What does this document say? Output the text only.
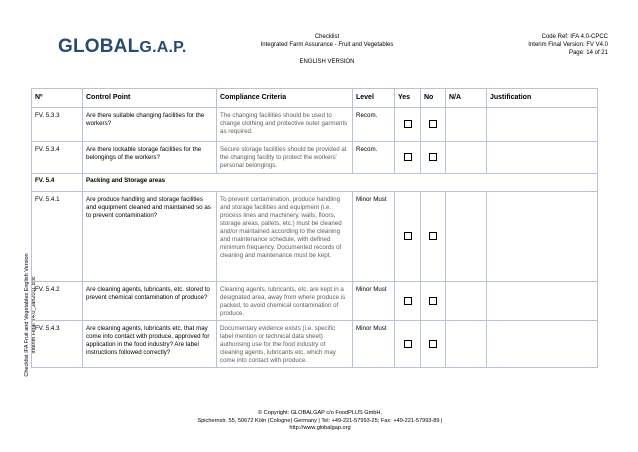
GLOBALG.A.P.
Checklist
Integrated Farm Assurance - Fruit and Vegetables
ENGLISH VERSION
Code Ref: IFA 4.0-CPCC
Interim Final Version: FV V4.0
Page: 14 of 21
Checklist IFA Fruit and Vegetables English Version Interim Final V4.0_Jan2011.doc
Nº	Control Point	Compliance Criteria	Level	Yes	No	N/A	Justification
FV. 5.3.3	Are there suitable changing facilities for the workers?	The changing facilities should be used to change clothing and protective outer garments as required.	Recom.				
FV. 5.3.4	Are there lockable storage facilities for the belongings of the workers?	Secure storage facilities should be provided at the changing facility to protect the workers' personal belongings.	Recom.				
FV. 5.4	Packing and Storage areas						
FV. 5.4.1	Are produce handling and storage facilities and equipment cleaned and maintained so as to prevent contamination?	To prevent contamination, produce handling and storage facilities and equipment (i.e. process lines and machinery, walls, floors, storage areas, pallets, etc.) must be cleaned and/or maintained according to the cleaning and maintenance schedule, with defined minimum frequency. Documented records of cleaning and maintenance must be kept.	Minor Must				
FV. 5.4.2	Are cleaning agents, lubricants, etc. stored to prevent chemical contamination of produce?	Cleaning agents, lubricants, etc. are kept in a designated area, away from where produce is packed, to avoid chemical contamination of produce.	Minor Must				
FV. 5.4.3	Are cleaning agents, lubricants etc. that may come into contact with produce, approved for application in the food industry? Are label instructions followed correctly?	Documentary evidence exists (i.e. specific label mention or technical data sheet) authorising use for the food industry of cleaning agents, lubricants etc. which may come into contact with produce.	Minor Must				
© Copyright: GLOBALGAP c/o FoodPLUS GmbH,
Spichernstr. 55, 50672 Köln (Cologne) Germany | Tel: +49-221-57993-25; Fax: +49-221-57993-89 |
http://www.globalgap.org
